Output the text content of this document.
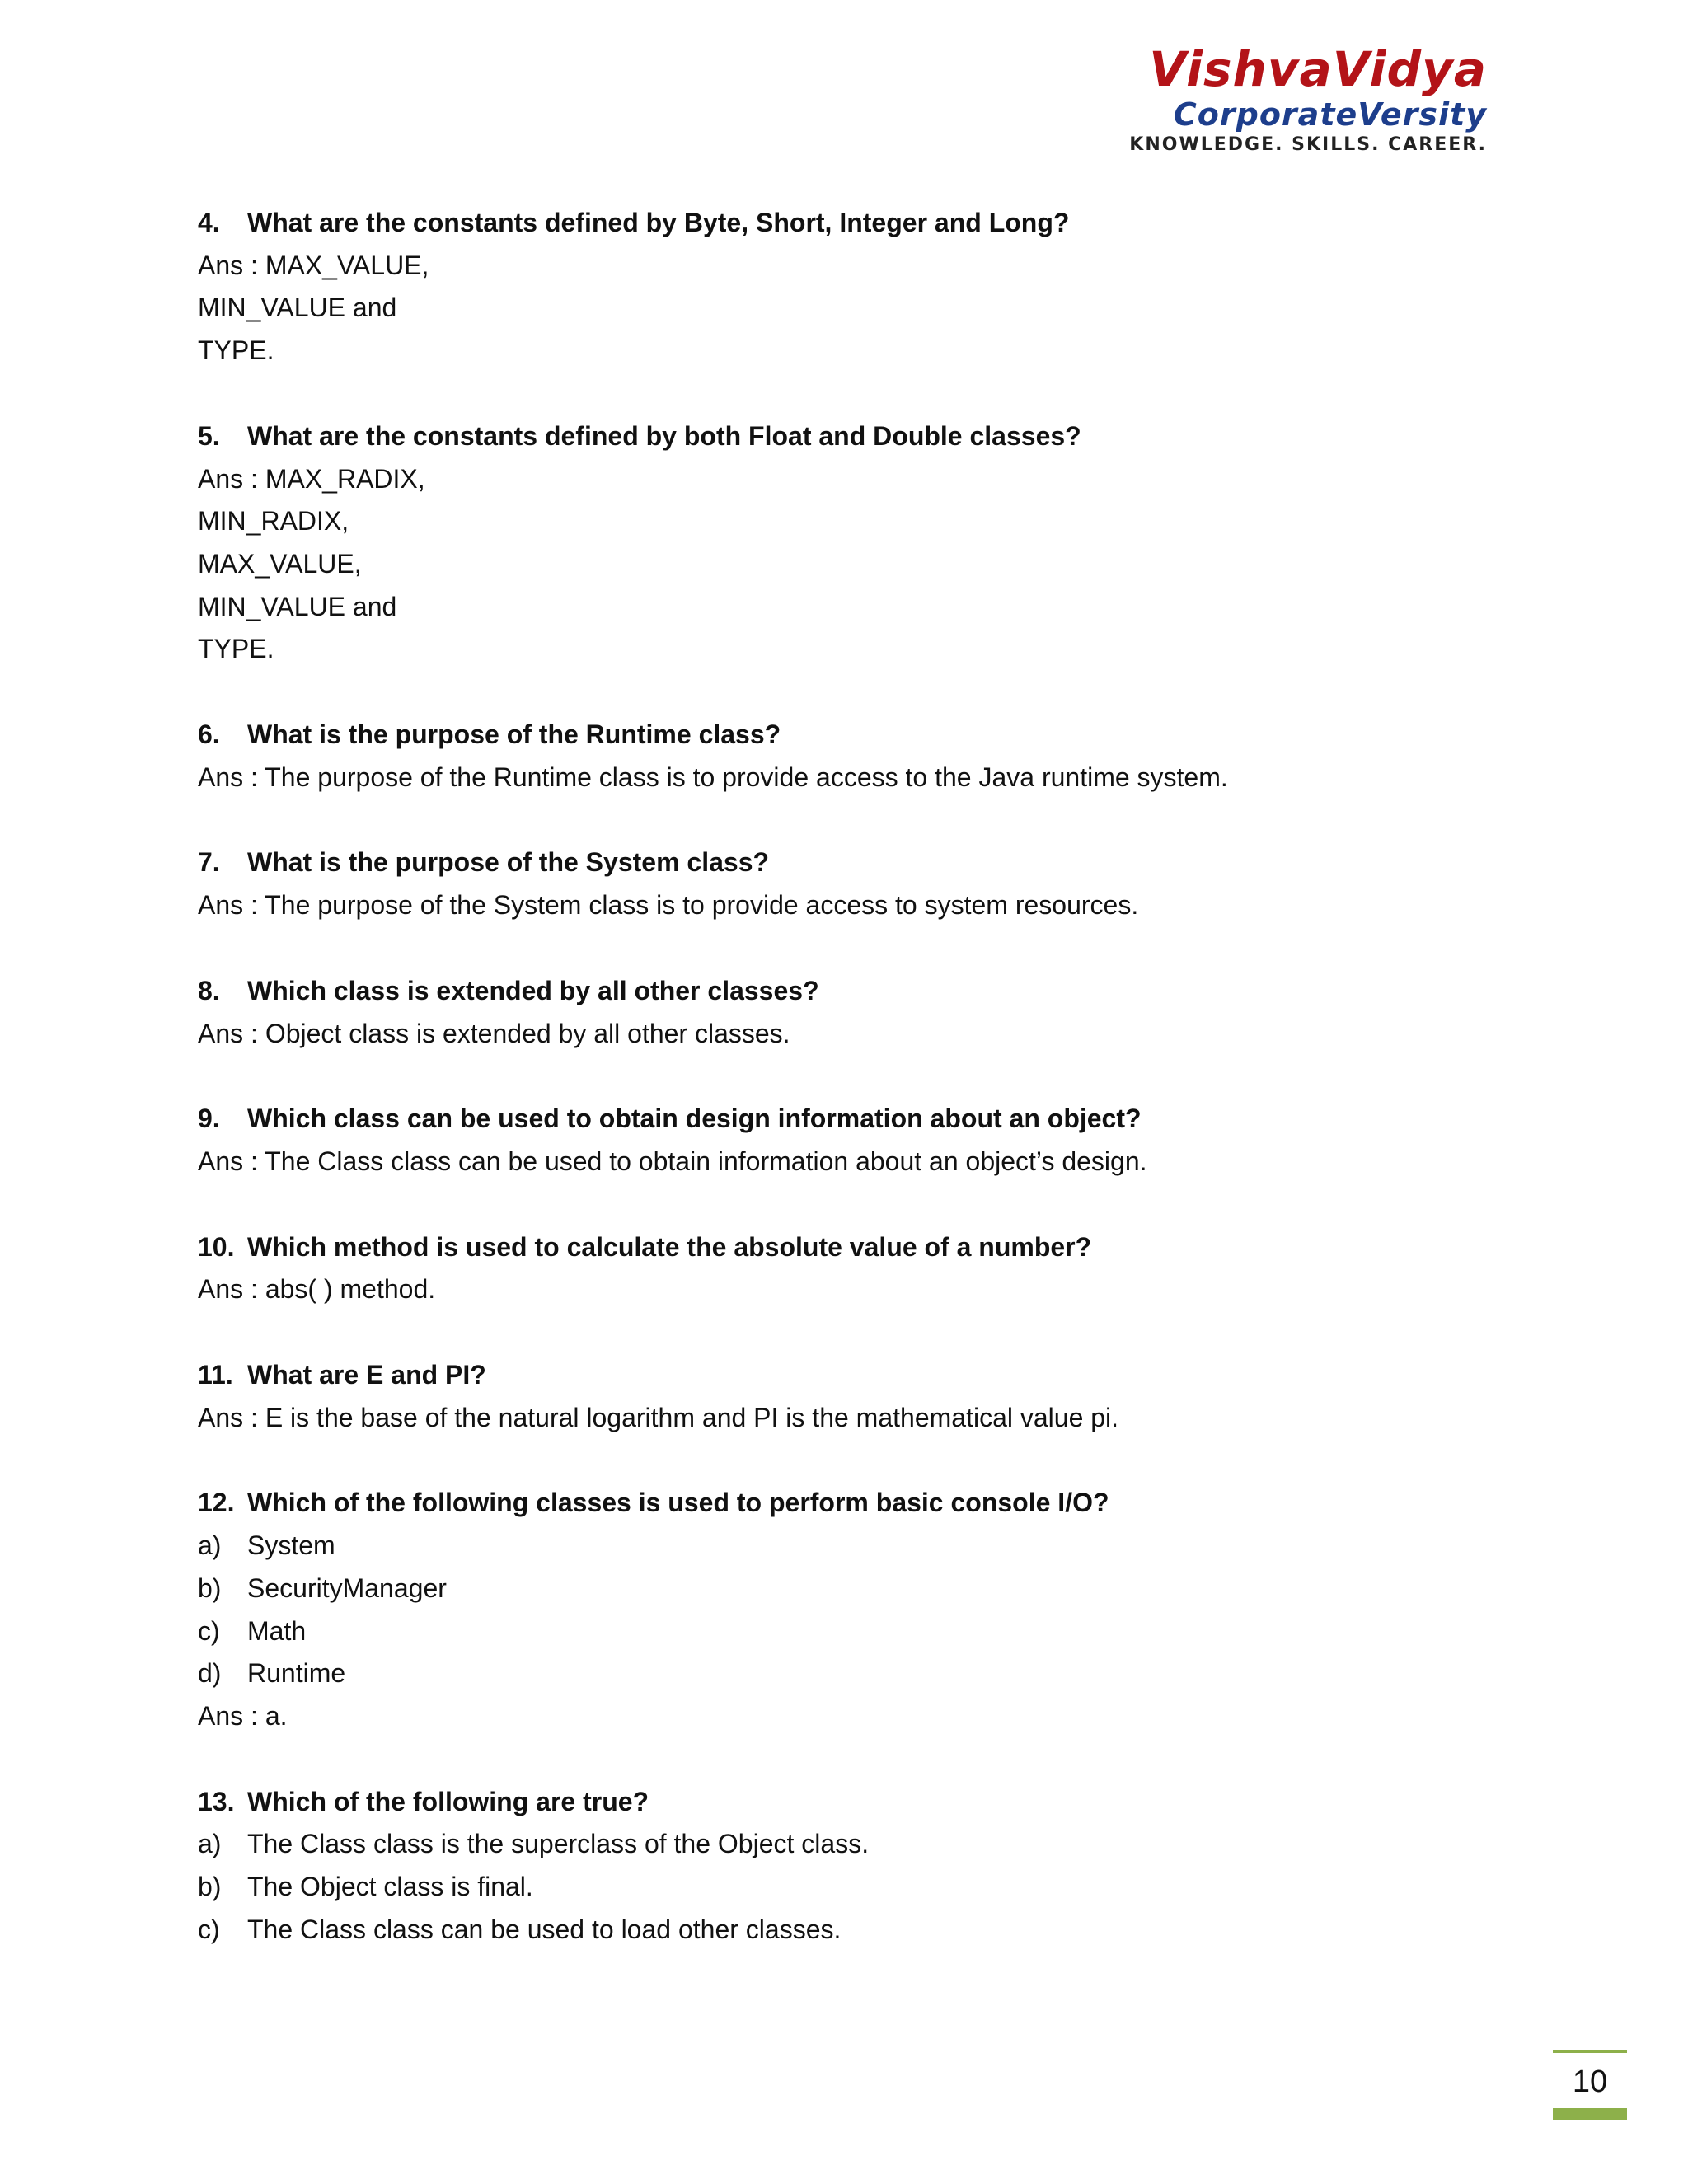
VishvaVidya
CorporateVersity
KNOWLEDGE. SKILLS. CAREER.
4. What are the constants defined by Byte, Short, Integer and Long?
Ans : MAX_VALUE,
MIN_VALUE and
TYPE.
5. What are the constants defined by both Float and Double classes?
Ans : MAX_RADIX,
MIN_RADIX,
MAX_VALUE,
MIN_VALUE and
TYPE.
6. What is the purpose of the Runtime class?
Ans : The purpose of the Runtime class is to provide access to the Java runtime system.
7. What is the purpose of the System class?
Ans : The purpose of the System class is to provide access to system resources.
8. Which class is extended by all other classes?
Ans : Object class is extended by all other classes.
9. Which class can be used to obtain design information about an object?
Ans : The Class class can be used to obtain information about an object’s design.
10. Which method is used to calculate the absolute value of a number?
Ans : abs( ) method.
11. What are E and PI?
Ans : E is the base of the natural logarithm and PI is the mathematical value pi.
12. Which of the following classes is used to perform basic console I/O?
a) System
b) SecurityManager
c) Math
d) Runtime
Ans : a.
13. Which of the following are true?
a) The Class class is the superclass of the Object class.
b) The Object class is final.
c) The Class class can be used to load other classes.
10
